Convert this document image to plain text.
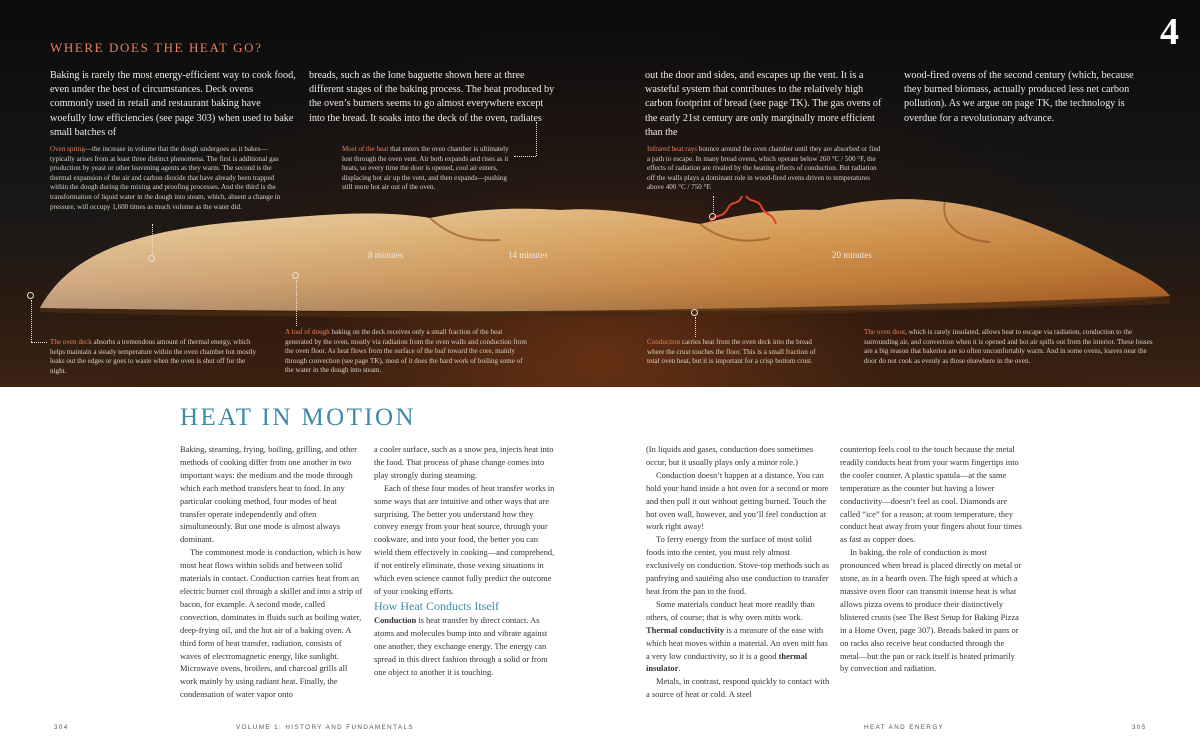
4
WHERE DOES THE HEAT GO?
Baking is rarely the most energy-efficient way to cook food, even under the best of circumstances. Deck ovens commonly used in retail and restaurant baking have woefully low efficiencies (see page 303) when used to bake small batches of
breads, such as the lone baguette shown here at three different stages of the baking process. The heat produced by the oven’s burners seems to go almost everywhere except into the bread. It soaks into the deck of the oven, radiates
out the door and sides, and escapes up the vent. It is a wasteful system that contributes to the relatively high carbon footprint of bread (see page TK). The gas ovens of the early 21st century are only marginally more efficient than the
wood-fired ovens of the second century (which, because they burned biomass, actually produced less net carbon pollution). As we argue on page TK, the technology is overdue for a revolutionary advance.
8 minutes	14 minutes	20 minutes
Oven spring—the increase in volume that the dough undergoes as it bakes—typically arises from at least three distinct phenomena. The first is additional gas production by yeast or other leavening agents as they warm. The second is the thermal expansion of the air and carbon dioxide that have already been trapped within the dough during the mixing and proofing processes. And the third is the transformation of liquid water in the dough into steam, which, absent a change in pressure, will occupy 1,600 times as much volume as the water did.
Most of the heat that enters the oven chamber is ultimately lost through the oven vent. Air both expands and rises as it heats, so every time the door is opened, cool air enters, displacing hot air up the vent, and then expands—pushing still more hot air out of the oven.
Infrared heat rays bounce around the oven chamber until they are absorbed or find a path to escape. In many bread ovens, which operate below 260 °C / 500 °F, the effects of radiation are rivaled by the heating effects of conduction. But radiation off the walls plays a dominant role in wood-fired ovens driven to temperatures above 400 °C / 750 °F.
The oven deck absorbs a tremendous amount of thermal energy, which helps maintain a steady temperature within the oven chamber but mostly leaks out the edges or goes to waste when the oven is shut off for the night.
A loaf of dough baking on the deck receives only a small fraction of the heat generated by the oven, mostly via radiation from the oven walls and conduction from the oven floor. As heat flows from the surface of the loaf toward the core, mainly through convection (see page TK), most of it does the hard work of boiling some of the water in the dough into steam.
Conduction carries heat from the oven deck into the bread where the crust touches the floor. This is a small fraction of total oven heat, but it is important for a crisp bottom crust.
The oven door, which is rarely insulated, allows heat to escape via radiation, conduction to the surrounding air, and convection when it is opened and hot air spills out from the interior. These losses are a big reason that bakeries are so often uncomfortably warm. And in some ovens, loaves near the door do not cook as evenly as those elsewhere in the oven.
HEAT IN MOTION

Baking, steaming, frying, boiling, grilling, and other methods of cooking differ from one another in two important ways: the medium and the mode through which each method transfers heat to food. In any particular cooking method, four modes of heat transfer operate independently and often simultaneously. But one mode is almost always dominant.

The commonest mode is conduction, which is how most heat flows within solids and between solid materials in contact. Conduction carries heat from an electric burner coil through a skillet and into a strip of bacon, for example. A second mode, called convection, dominates in fluids such as boiling water, deep-frying oil, and the hot air of a baking oven. A third form of heat transfer, radiation, consists of waves of electromagnetic energy, like sunlight. Microwave ovens, broilers, and charcoal grills all work mainly by using radiant heat. Finally, the condensation of water vapor onto

a cooler surface, such as a snow pea, injects heat into the food. That process of phase change comes into play strongly during steaming.

Each of these four modes of heat transfer works in some ways that are intuitive and other ways that are surprising. The better you understand how they convey energy from your heat source, through your cookware, and into your food, the better you can wield them effectively in cooking—and comprehend, if not entirely eliminate, those vexing situations in which even science cannot fully predict the outcome of your cooking efforts.

How Heat Conducts Itself

Conduction is heat transfer by direct contact. As atoms and molecules bump into and vibrate against one another, they exchange energy. The energy can spread in this direct fashion through a solid or from one object to another it is touching.

(In liquids and gases, conduction does sometimes occur, but it usually plays only a minor role.)

Conduction doesn’t happen at a distance. You can hold your hand inside a hot oven for a second or more and then pull it out without getting burned. Touch the hot oven wall, however, and you’ll feel conduction at work right away!

To ferry energy from the surface of most solid foods into the center, you must rely almost exclusively on conduction. Stove-top methods such as panfrying and sautéing also use conduction to transfer heat from the pan to the food.

Some materials conduct heat more readily than others, of course; that is why oven mitts work.

Thermal conductivity is a measure of the ease with which heat moves within a material. An oven mitt has a very low conductivity, so it is a good thermal insulator.

Metals, in contrast, respond quickly to contact with a source of heat or cold. A steel

countertop feels cool to the touch because the metal readily conducts heat from your warm fingertips into the cooler counter. A plastic spatula—at the same temperature as the counter but having a lower conductivity—doesn’t feel as cool. Diamonds are called “ice” for a reason; at room temperature, they conduct heat away from your fingers about four times as fast as copper does.

In baking, the role of conduction is most pronounced when bread is placed directly on metal or stone, as in a hearth oven. The high speed at which a massive oven floor can transmit intense heat is what allows pizza ovens to produce their distinctively blistered crusts (see The Best Setup for Baking Pizza in a Home Oven, page 307). Breads baked in pans or on racks also receive heat conducted through the metal—but the pan or rack itself is heated primarily by convection and radiation.

304	VOLUME 1: HISTORY AND FUNDAMENTALS	HEAT AND ENERGY	305
